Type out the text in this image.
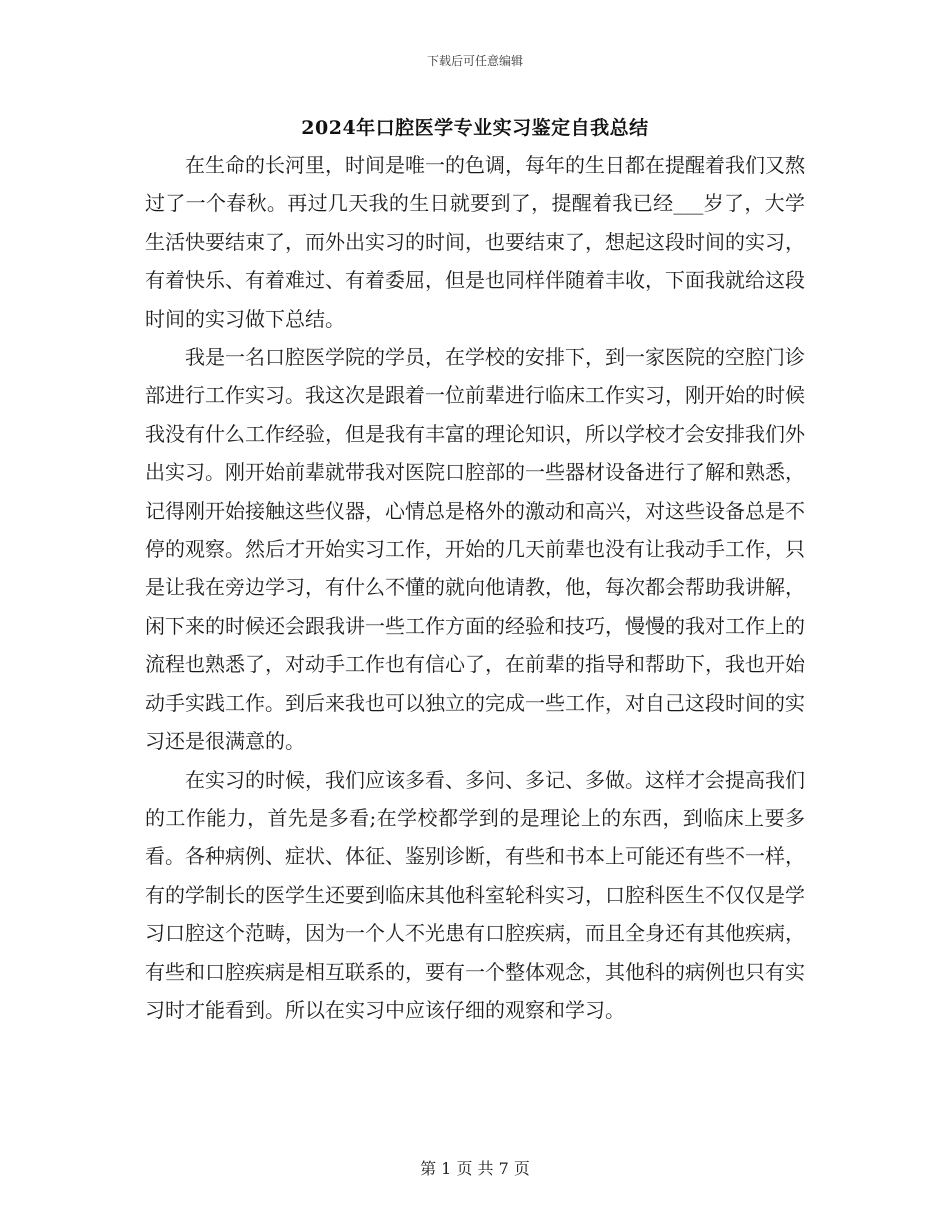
下载后可任意编辑
2024年口腔医学专业实习鉴定自我总结

在生命的长河里，时间是唯一的色调，每年的生日都在提醒着我们又熬过了一个春秋。再过几天我的生日就要到了，提醒着我已经___岁了，大学生活快要结束了，而外出实习的时间，也要结束了，想起这段时间的实习，有着快乐、有着难过、有着委屈，但是也同样伴随着丰收，下面我就给这段时间的实习做下总结。

我是一名口腔医学院的学员，在学校的安排下，到一家医院的空腔门诊部进行工作实习。我这次是跟着一位前辈进行临床工作实习，刚开始的时候我没有什么工作经验，但是我有丰富的理论知识，所以学校才会安排我们外出实习。刚开始前辈就带我对医院口腔部的一些器材设备进行了解和熟悉，记得刚开始接触这些仪器，心情总是格外的激动和高兴，对这些设备总是不停的观察。然后才开始实习工作，开始的几天前辈也没有让我动手工作，只是让我在旁边学习，有什么不懂的就向他请教，他，每次都会帮助我讲解，闲下来的时候还会跟我讲一些工作方面的经验和技巧，慢慢的我对工作上的流程也熟悉了，对动手工作也有信心了，在前辈的指导和帮助下，我也开始动手实践工作。到后来我也可以独立的完成一些工作，对自己这段时间的实习还是很满意的。

在实习的时候，我们应该多看、多问、多记、多做。这样才会提高我们的工作能力，首先是多看;在学校都学到的是理论上的东西，到临床上要多看。各种病例、症状、体征、鉴别诊断，有些和书本上可能还有些不一样，有的学制长的医学生还要到临床其他科室轮科实习，口腔科医生不仅仅是学习口腔这个范畴，因为一个人不光患有口腔疾病，而且全身还有其他疾病，有些和口腔疾病是相互联系的，要有一个整体观念，其他科的病例也只有实习时才能看到。所以在实习中应该仔细的观察和学习。

第 1 页 共 7 页
